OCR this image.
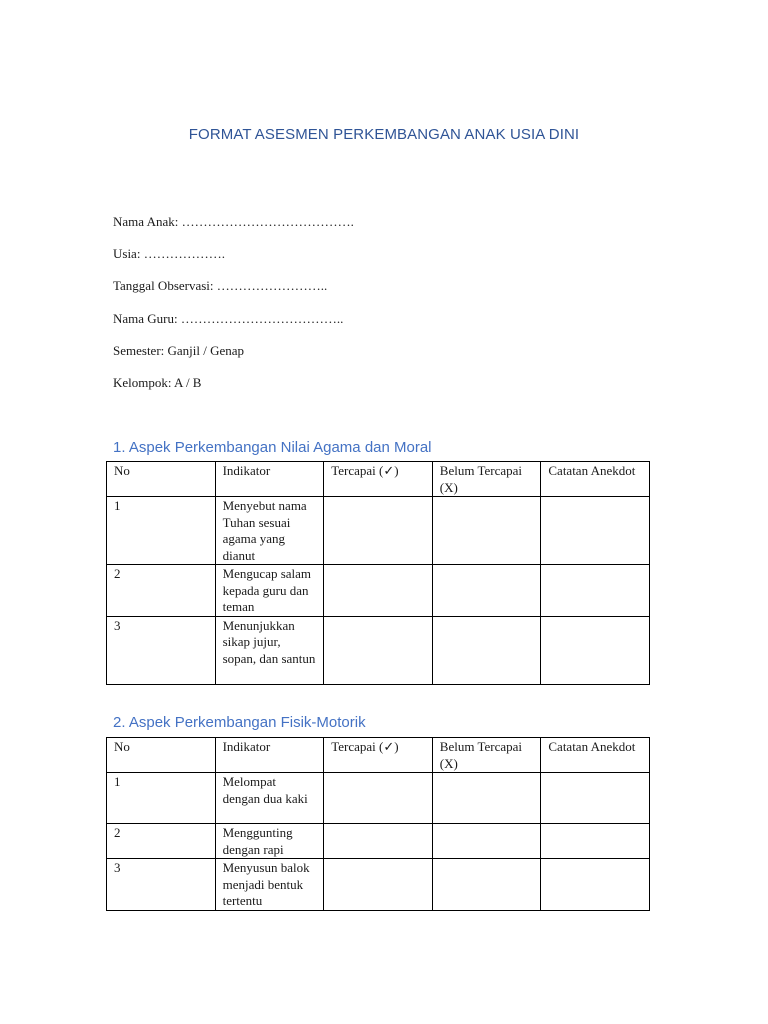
FORMAT ASESMEN PERKEMBANGAN ANAK USIA DINI
Nama Anak: ………………………………….
Usia: ……………….
Tanggal Observasi: ……………………..
Nama Guru: ………………………………..
Semester: Ganjil / Genap
Kelompok: A / B
1. Aspek Perkembangan Nilai Agama dan Moral
No	Indikator	Tercapai (✓)	Belum Tercapai (X)	Catatan Anekdot
1	Menyebut nama Tuhan sesuai agama yang dianut			
2	Mengucap salam kepada guru dan teman			
3	Menunjukkan sikap jujur, sopan, dan santun			
2. Aspek Perkembangan Fisik-Motorik
No	Indikator	Tercapai (✓)	Belum Tercapai (X)	Catatan Anekdot
1	Melompat dengan dua kaki			
2	Menggunting dengan rapi			
3	Menyusun balok menjadi bentuk tertentu			
